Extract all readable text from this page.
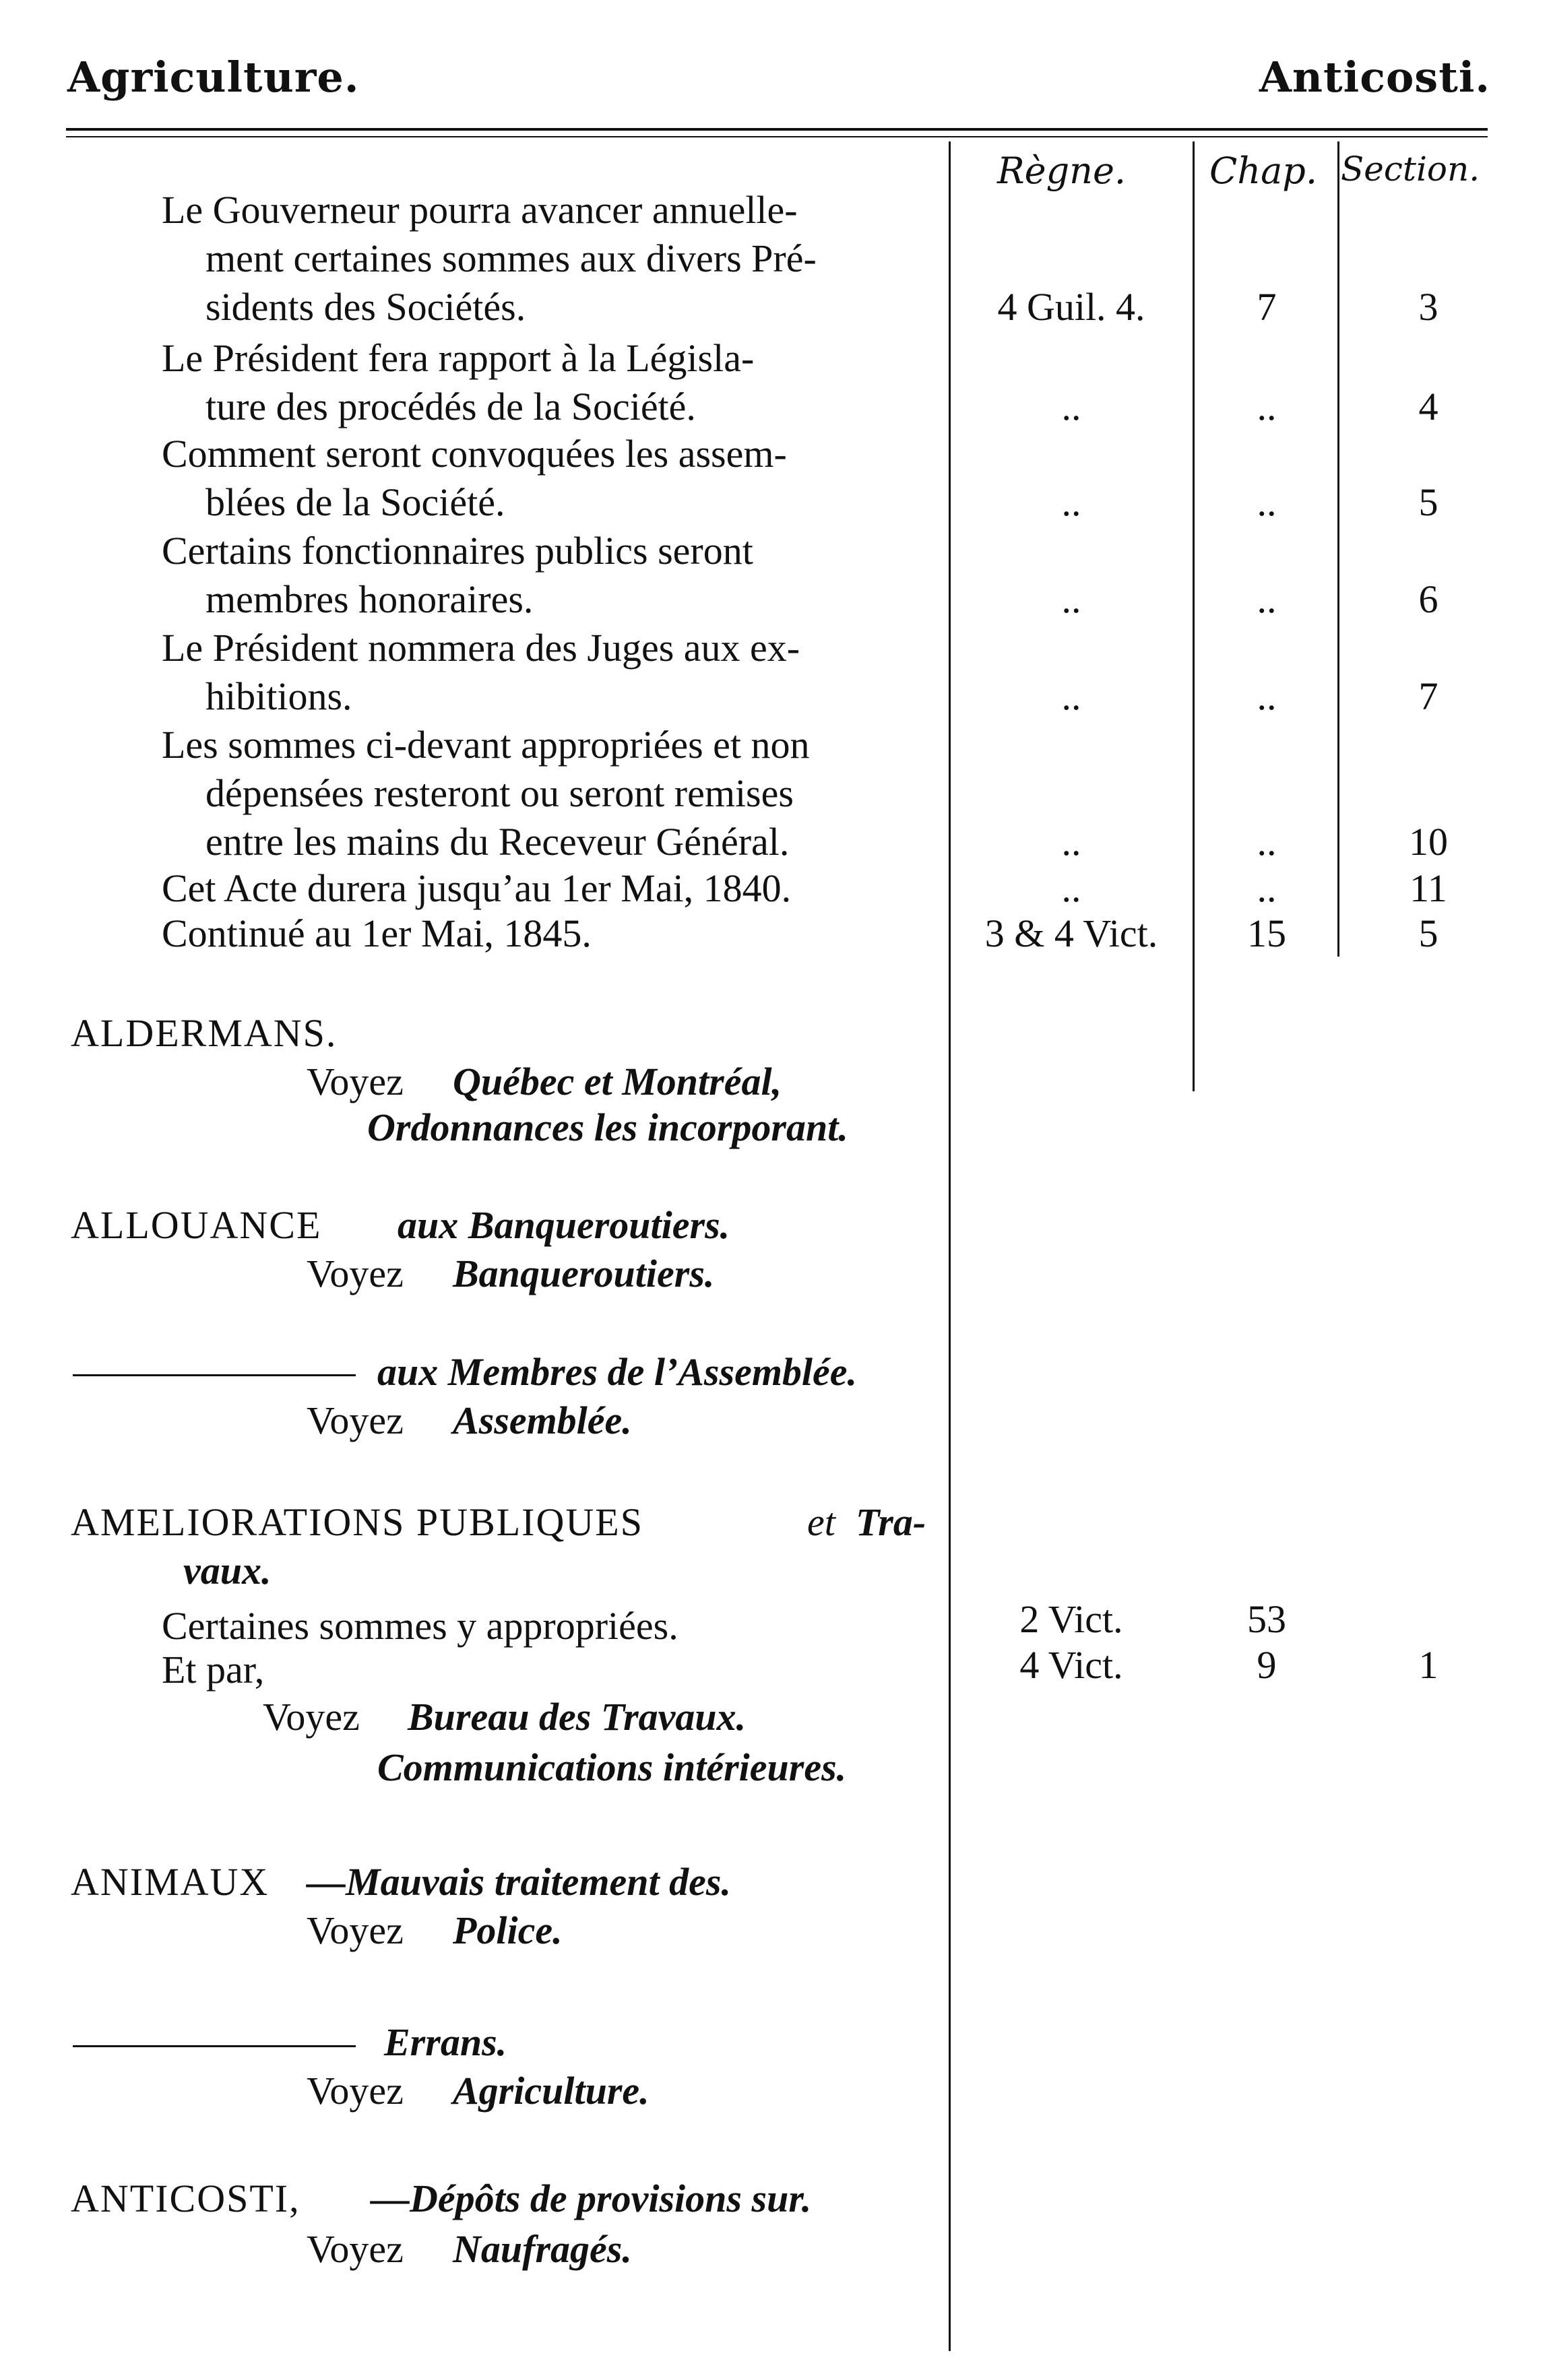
Agriculture.	Anticosti.
Règne. Chap. Section.
Le Gouverneur pourra avancer annuelle-
ment certaines sommes aux divers Pré-
sidents des Sociétés.	4 Guil. 4.	7	3
Le Président fera rapport à la Législa-
ture des procédés de la Société.	..	..	4
Comment seront convoquées les assem-
blées de la Société.	..	..	5
Certains fonctionnaires publics seront
membres honoraires.	..	..	6
Le Président nommera des Juges aux ex-
hibitions.	..	..	7
Les sommes ci-devant appropriées et non
dépensées resteront ou seront remises
entre les mains du Receveur Général.	..	..	10
Cet Acte durera jusqu’au 1er Mai, 1840.	..	..	11
Continué au 1er Mai, 1845.	3 & 4 Vict.	15	5
ALDERMANS.
Voyez Québec et Montréal,
Ordonnances les incorporant.
ALLOUANCE aux Banqueroutiers.
Voyez Banqueroutiers.
aux Membres de l’Assemblée.
Voyez Assemblée.
AMELIORATIONS PUBLIQUES	et Tra-
vaux.
Certaines sommes y appropriées.	2 Vict.	53
Et par,	4 Vict.	9	1
Voyez Bureau des Travaux.
Communications intérieures.
ANIMAUX —Mauvais traitement des.
Voyez Police.
Errans.
Voyez Agriculture.
ANTICOSTI, —Dépôts de provisions sur.
Voyez Naufragés.
